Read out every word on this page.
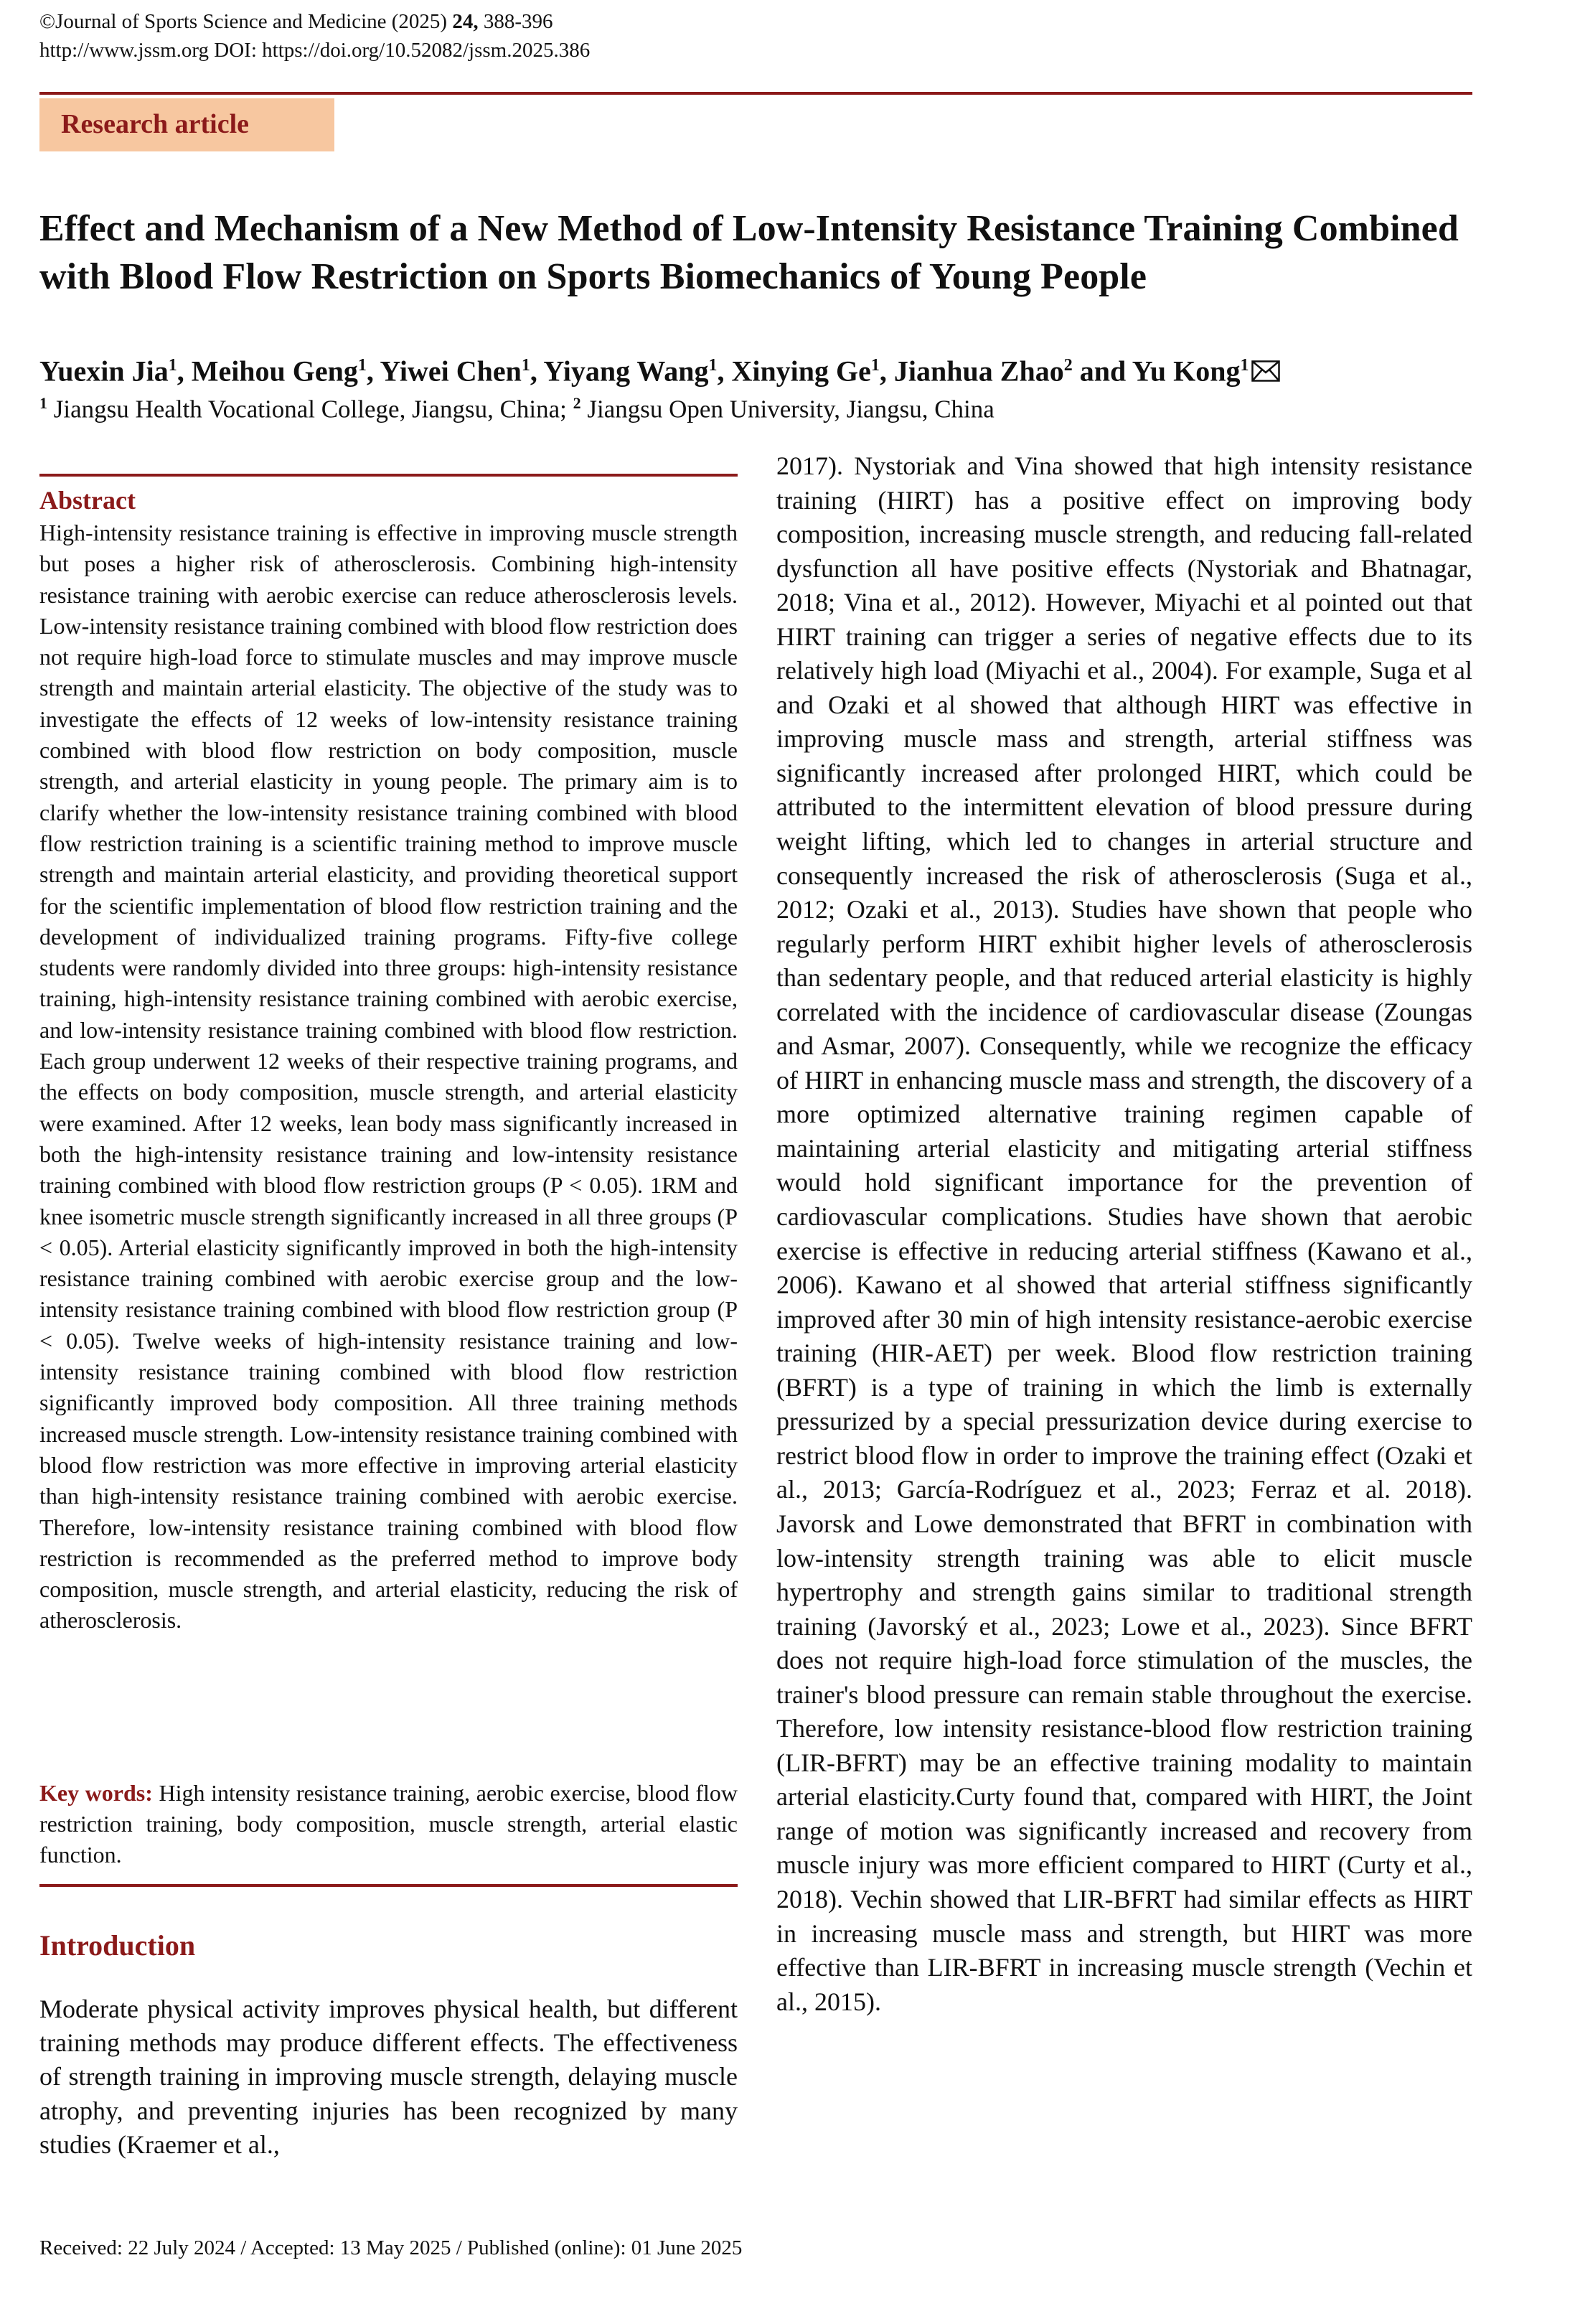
©Journal of Sports Science and Medicine (2025) 24, 388-396
http://www.jssm.org DOI: https://doi.org/10.52082/jssm.2025.386
Research article
Effect and Mechanism of a New Method of Low-Intensity Resistance Training Combined with Blood Flow Restriction on Sports Biomechanics of Young People
Yuexin Jia$^1$, Meihou Geng$^1$, Yiwei Chen$^1$, Yiyang Wang$^1$, Xinying Ge$^1$, Jianhua Zhao$^2$ and Yu Kong$^1$
$^1$ Jiangsu Health Vocational College, Jiangsu, China; $^2$ Jiangsu Open University, Jiangsu, China
Abstract
High-intensity resistance training is effective in improving muscle strength but poses a higher risk of atherosclerosis. Combining high-intensity resistance training with aerobic exercise can reduce atherosclerosis levels. Low-intensity resistance training combined with blood flow restriction does not require high-load force to stimulate muscles and may improve muscle strength and maintain arterial elasticity. The objective of the study was to investigate the effects of 12 weeks of low-intensity resistance training combined with blood flow restriction on body composition, muscle strength, and arterial elasticity in young people. The primary aim is to clarify whether the low-intensity resistance training combined with blood flow restriction training is a scientific training method to improve muscle strength and maintain arterial elasticity, and providing theoretical support for the scientific implementation of blood flow restriction training and the development of individualized training programs. Fifty-five college students were randomly divided into three groups: high-intensity resistance training, high-intensity resistance training combined with aerobic exercise, and low-intensity resistance training combined with blood flow restriction. Each group underwent 12 weeks of their respective training programs, and the effects on body composition, muscle strength, and arterial elasticity were examined. After 12 weeks, lean body mass significantly increased in both the high-intensity resistance training and low-intensity resistance training combined with blood flow restriction groups (P < 0.05). 1RM and knee isometric muscle strength significantly increased in all three groups (P < 0.05). Arterial elasticity significantly improved in both the high-intensity resistance training combined with aerobic exercise group and the low-intensity resistance training combined with blood flow restriction group (P < 0.05). Twelve weeks of high-intensity resistance training and low-intensity resistance training combined with blood flow restriction significantly improved body composition. All three training methods increased muscle strength. Low-intensity resistance training combined with blood flow restriction was more effective in improving arterial elasticity than high-intensity resistance training combined with aerobic exercise. Therefore, low-intensity resistance training combined with blood flow restriction is recommended as the preferred method to improve body composition, muscle strength, and arterial elasticity, reducing the risk of atherosclerosis.
Key words: High intensity resistance training, aerobic exercise, blood flow restriction training, body composition, muscle strength, arterial elastic function.
Introduction
Moderate physical activity improves physical health, but different training methods may produce different effects. The effectiveness of strength training in improving muscle strength, delaying muscle atrophy, and preventing injuries has been recognized by many studies (Kraemer et al.,
2017). Nystoriak and Vina showed that high intensity resistance training (HIRT) has a positive effect on improving body composition, increasing muscle strength, and reducing fall-related dysfunction all have positive effects (Nystoriak and Bhatnagar, 2018; Vina et al., 2012). However, Miyachi et al pointed out that HIRT training can trigger a series of negative effects due to its relatively high load (Miyachi et al., 2004). For example, Suga et al and Ozaki et al showed that although HIRT was effective in improving muscle mass and strength, arterial stiffness was significantly increased after prolonged HIRT, which could be attributed to the intermittent elevation of blood pressure during weight lifting, which led to changes in arterial structure and consequently increased the risk of atherosclerosis (Suga et al., 2012; Ozaki et al., 2013). Studies have shown that people who regularly perform HIRT exhibit higher levels of atherosclerosis than sedentary people, and that reduced arterial elasticity is highly correlated with the incidence of cardiovascular disease (Zoungas and Asmar, 2007). Consequently, while we recognize the efficacy of HIRT in enhancing muscle mass and strength, the discovery of a more optimized alternative training regimen capable of maintaining arterial elasticity and mitigating arterial stiffness would hold significant importance for the prevention of cardiovascular complications. Studies have shown that aerobic exercise is effective in reducing arterial stiffness (Kawano et al., 2006). Kawano et al showed that arterial stiffness significantly improved after 30 min of high intensity resistance-aerobic exercise training (HIR-AET) per week. Blood flow restriction training (BFRT) is a type of training in which the limb is externally pressurized by a special pressurization device during exercise to restrict blood flow in order to improve the training effect (Ozaki et al., 2013; García-Rodríguez et al., 2023; Ferraz et al. 2018). Javorsk and Lowe demonstrated that BFRT in combination with low-intensity strength training was able to elicit muscle hypertrophy and strength gains similar to traditional strength training (Javorský et al., 2023; Lowe et al., 2023). Since BFRT does not require high-load force stimulation of the muscles, the trainer's blood pressure can remain stable throughout the exercise. Therefore, low intensity resistance-blood flow restriction training (LIR-BFRT) may be an effective training modality to maintain arterial elasticity.Curty found that, compared with HIRT, the Joint range of motion was significantly increased and recovery from muscle injury was more efficient compared to HIRT (Curty et al., 2018). Vechin showed that LIR-BFRT had similar effects as HIRT in increasing muscle mass and strength, but HIRT was more effective than LIR-BFRT in increasing muscle strength (Vechin et al., 2015).
Received: 22 July 2024 / Accepted: 13 May 2025 / Published (online): 01 June 2025
